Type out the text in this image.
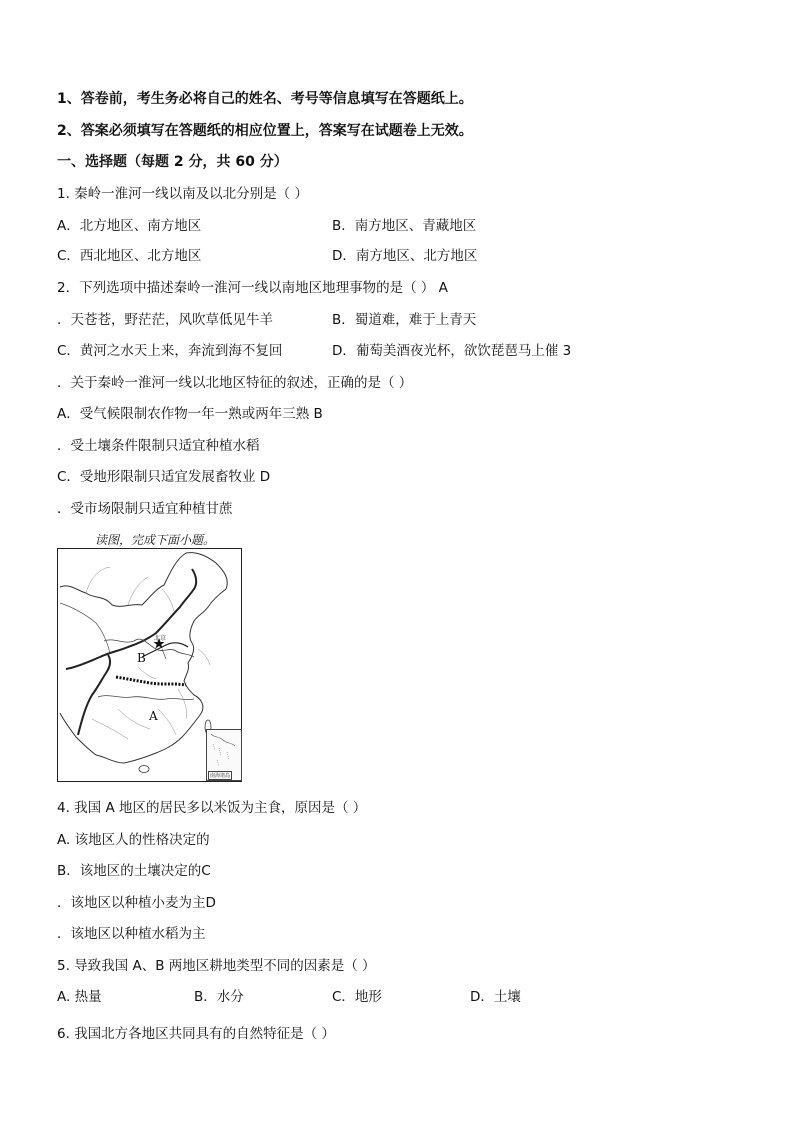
1、答卷前，考生务必将自己的姓名、考号等信息填写在答题纸上。
2、答案必须填写在答题纸的相应位置上，答案写在试题卷上无效。
一、选择题（每题 2 分，共 60 分）
1. 秦岭一淮河一线以南及以北分别是（ ）
A．北方地区、南方地区	B．南方地区、青藏地区
C．西北地区、北方地区	D．南方地区、北方地区
2．下列选项中描述秦岭一淮河一线以南地区地理事物的是（ ） A
．天苍苍，野茫茫，风吹草低见牛羊	B．蜀道难，难于上青天
C．黄河之水天上来，奔流到海不复回	D．葡萄美酒夜光杯，欲饮琵琶马上催 3
．关于秦岭一淮河一线以北地区特征的叙述，正确的是（ ）
A．受气候限制农作物一年一熟或两年三熟 B
．受土壤条件限制只适宜种植水稻
C．受地形限制只适宜发展畜牧业 D
．受市场限制只适宜种植甘蔗
读图，完成下面小题。
北京
B
A
南海诸岛
4. 我国 A 地区的居民多以米饭为主食，原因是（ ）
A. 该地区人的性格决定的
B．该地区的土壤决定的C
．该地区以种植小麦为主D
．该地区以种植水稻为主
5. 导致我国 A、B 两地区耕地类型不同的因素是（ ）
A. 热量	B．水分	C．地形	D．土壤
6. 我国北方各地区共同具有的自然特征是（ ）
